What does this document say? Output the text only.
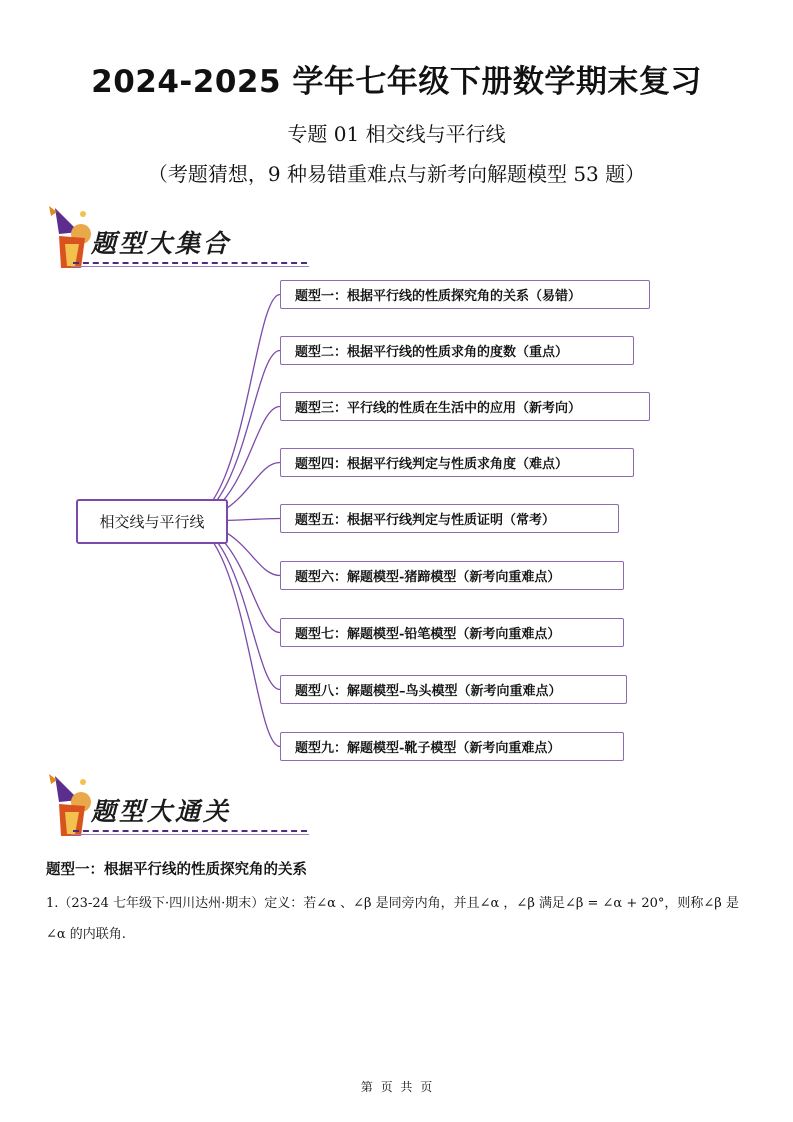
2024-2025 学年七年级下册数学期末复习
专题 01 相交线与平行线
（考题猜想，9 种易错重难点与新考向解题模型 53 题）
题型大集合
相交线与平行线
题型一：根据平行线的性质探究角的关系（易错）
题型二：根据平行线的性质求角的度数（重点）
题型三：平行线的性质在生活中的应用（新考向）
题型四：根据平行线判定与性质求角度（难点）
题型五：根据平行线判定与性质证明（常考）
题型六：解题模型-猪蹄模型（新考向重难点）
题型七：解题模型-铅笔模型（新考向重难点）
题型八：解题模型–鸟头模型（新考向重难点）
题型九：解题模型-靴子模型（新考向重难点）
题型大通关
题型一：根据平行线的性质探究角的关系
1.（23-24 七年级下·四川达州·期末）定义：若∠α 、∠β 是同旁内角，并且∠α ，∠β 满足∠β = ∠α + 20°，则称∠β 是∠α 的内联角.
第 页 共 页
